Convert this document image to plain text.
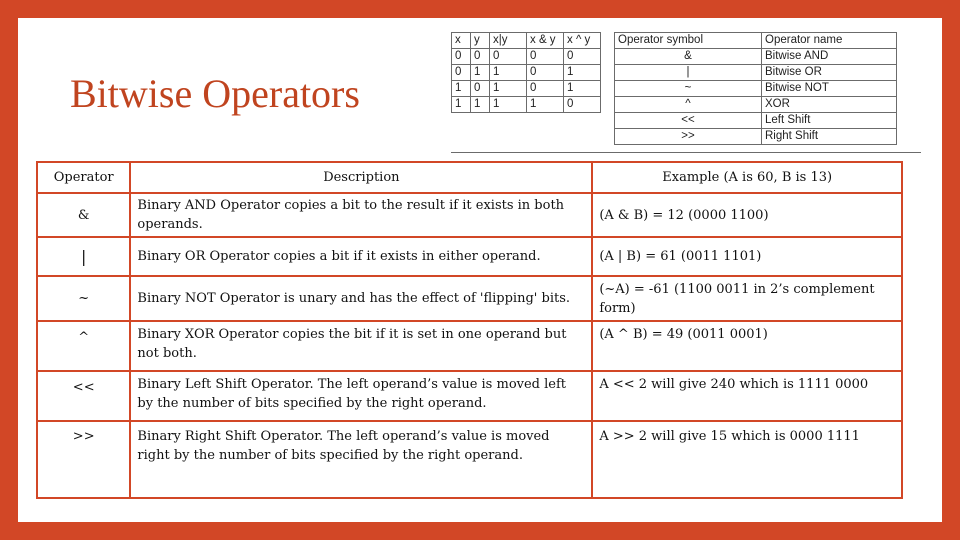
Bitwise Operators
x	y	x|y	x & y	x ^ y
0	0	0	0	0
0	1	1	0	1
1	0	1	0	1
1	1	1	1	0
Operator symbol	Operator name
&	Bitwise AND
|	Bitwise OR
~	Bitwise NOT
^	XOR
<<	Left Shift
>>	Right Shift
Operator	Description	Example (A is 60, B is 13)
&	Binary AND Operator copies a bit to the result if it exists in both operands.	(A & B) = 12 (0000 1100)
|	Binary OR Operator copies a bit if it exists in either operand.	(A | B) = 61 (0011 1101)
~	Binary NOT Operator is unary and has the effect of 'flipping' bits.	(~A) = -61 (1100 0011 in 2’s complement form)
^	Binary XOR Operator copies the bit if it is set in one operand but not both.	(A ^ B) = 49 (0011 0001)
<<	Binary Left Shift Operator. The left operand’s value is moved left by the number of bits specified by the right operand.	A << 2 will give 240 which is 1111 0000
>>	Binary Right Shift Operator. The left operand’s value is moved right by the number of bits specified by the right operand.	A >> 2 will give 15 which is 0000 1111
